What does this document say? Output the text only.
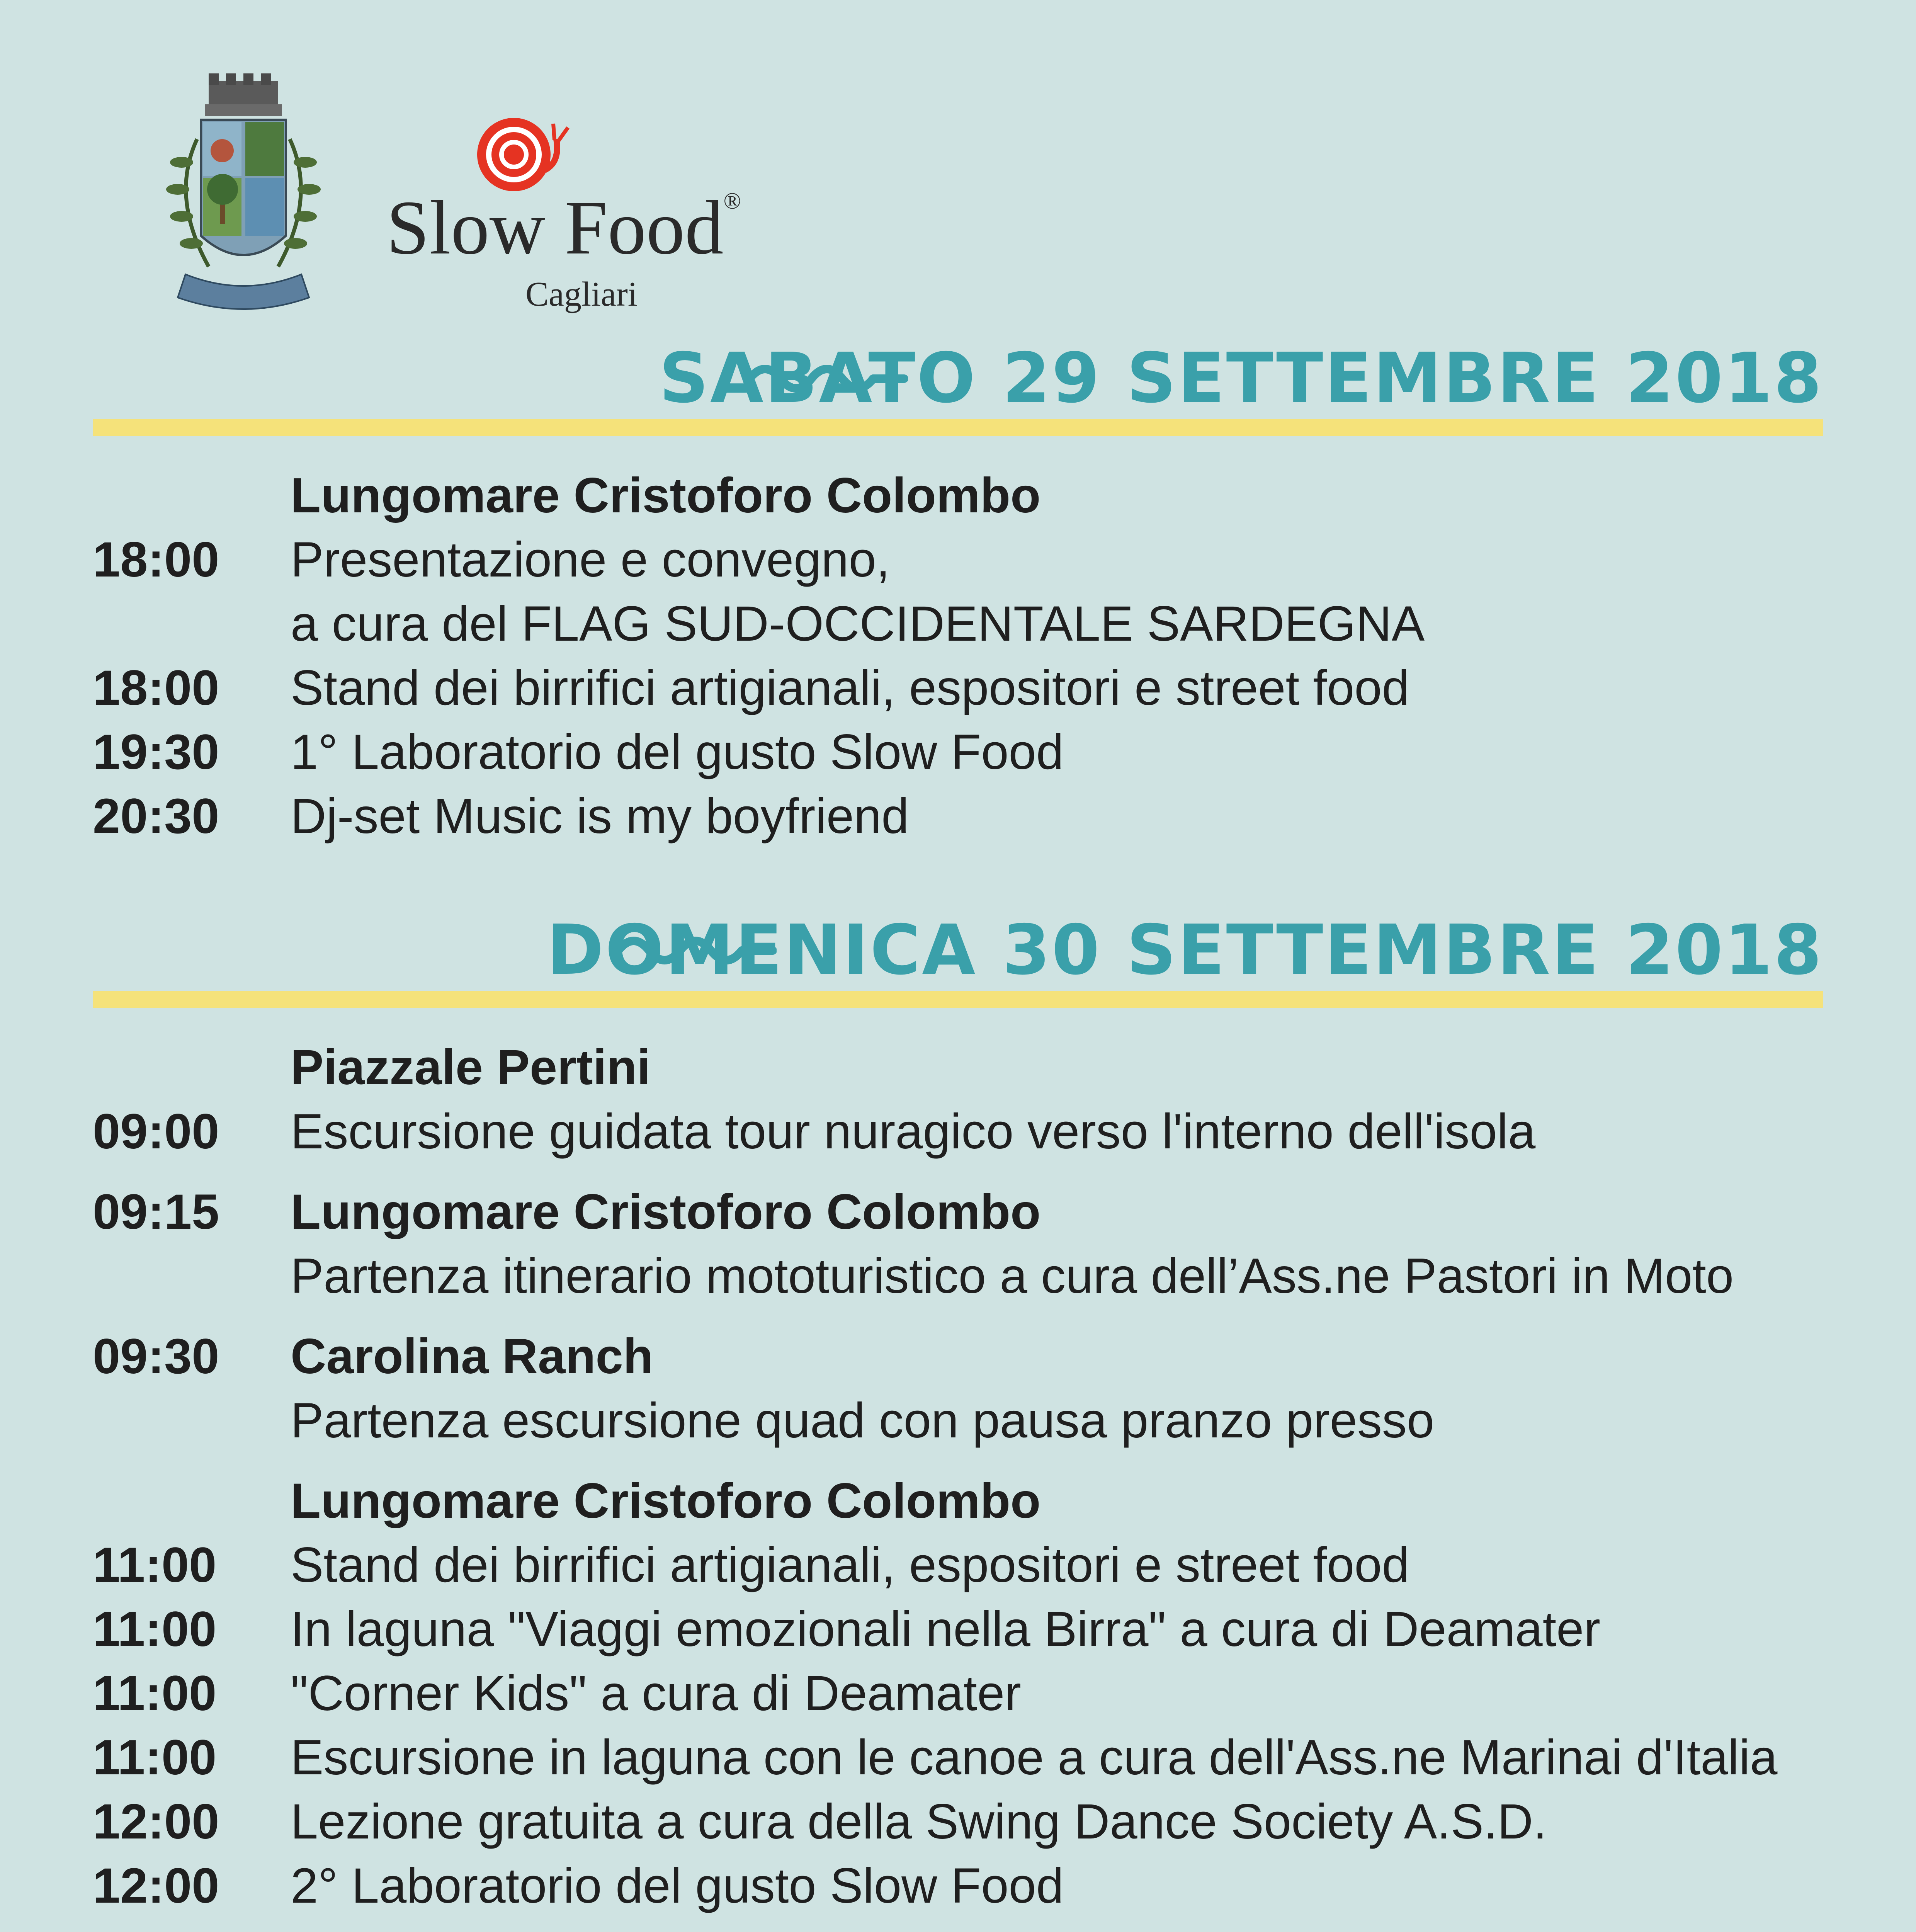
Slow Food®
Cagliari
SABATO 29 SETTEMBRE 2018
Lungomare Cristoforo Colombo
18:00	Presentazione e convegno,
a cura del FLAG SUD-OCCIDENTALE SARDEGNA
18:00	Stand dei birrifici artigianali, espositori e street food
19:30	1° Laboratorio del gusto Slow Food
20:30	Dj-set Music is my boyfriend
DOMENICA 30 SETTEMBRE 2018
Piazzale Pertini
09:00	Escursione guidata tour nuragico verso l'interno dell'isola
09:15	Lungomare Cristoforo Colombo
Partenza itinerario mototuristico a cura dell’Ass.ne Pastori in Moto
09:30	Carolina Ranch
Partenza escursione quad con pausa pranzo presso
Lungomare Cristoforo Colombo
11:00	Stand dei birrifici artigianali, espositori e street food
11:00	In laguna "Viaggi emozionali nella Birra" a cura di Deamater
11:00	"Corner Kids" a cura di Deamater
11:00	Escursione in laguna con le canoe a cura dell'Ass.ne Marinai d'Italia
12:00	Lezione gratuita a cura della Swing Dance Society A.S.D.
12:00	2° Laboratorio del gusto Slow Food
